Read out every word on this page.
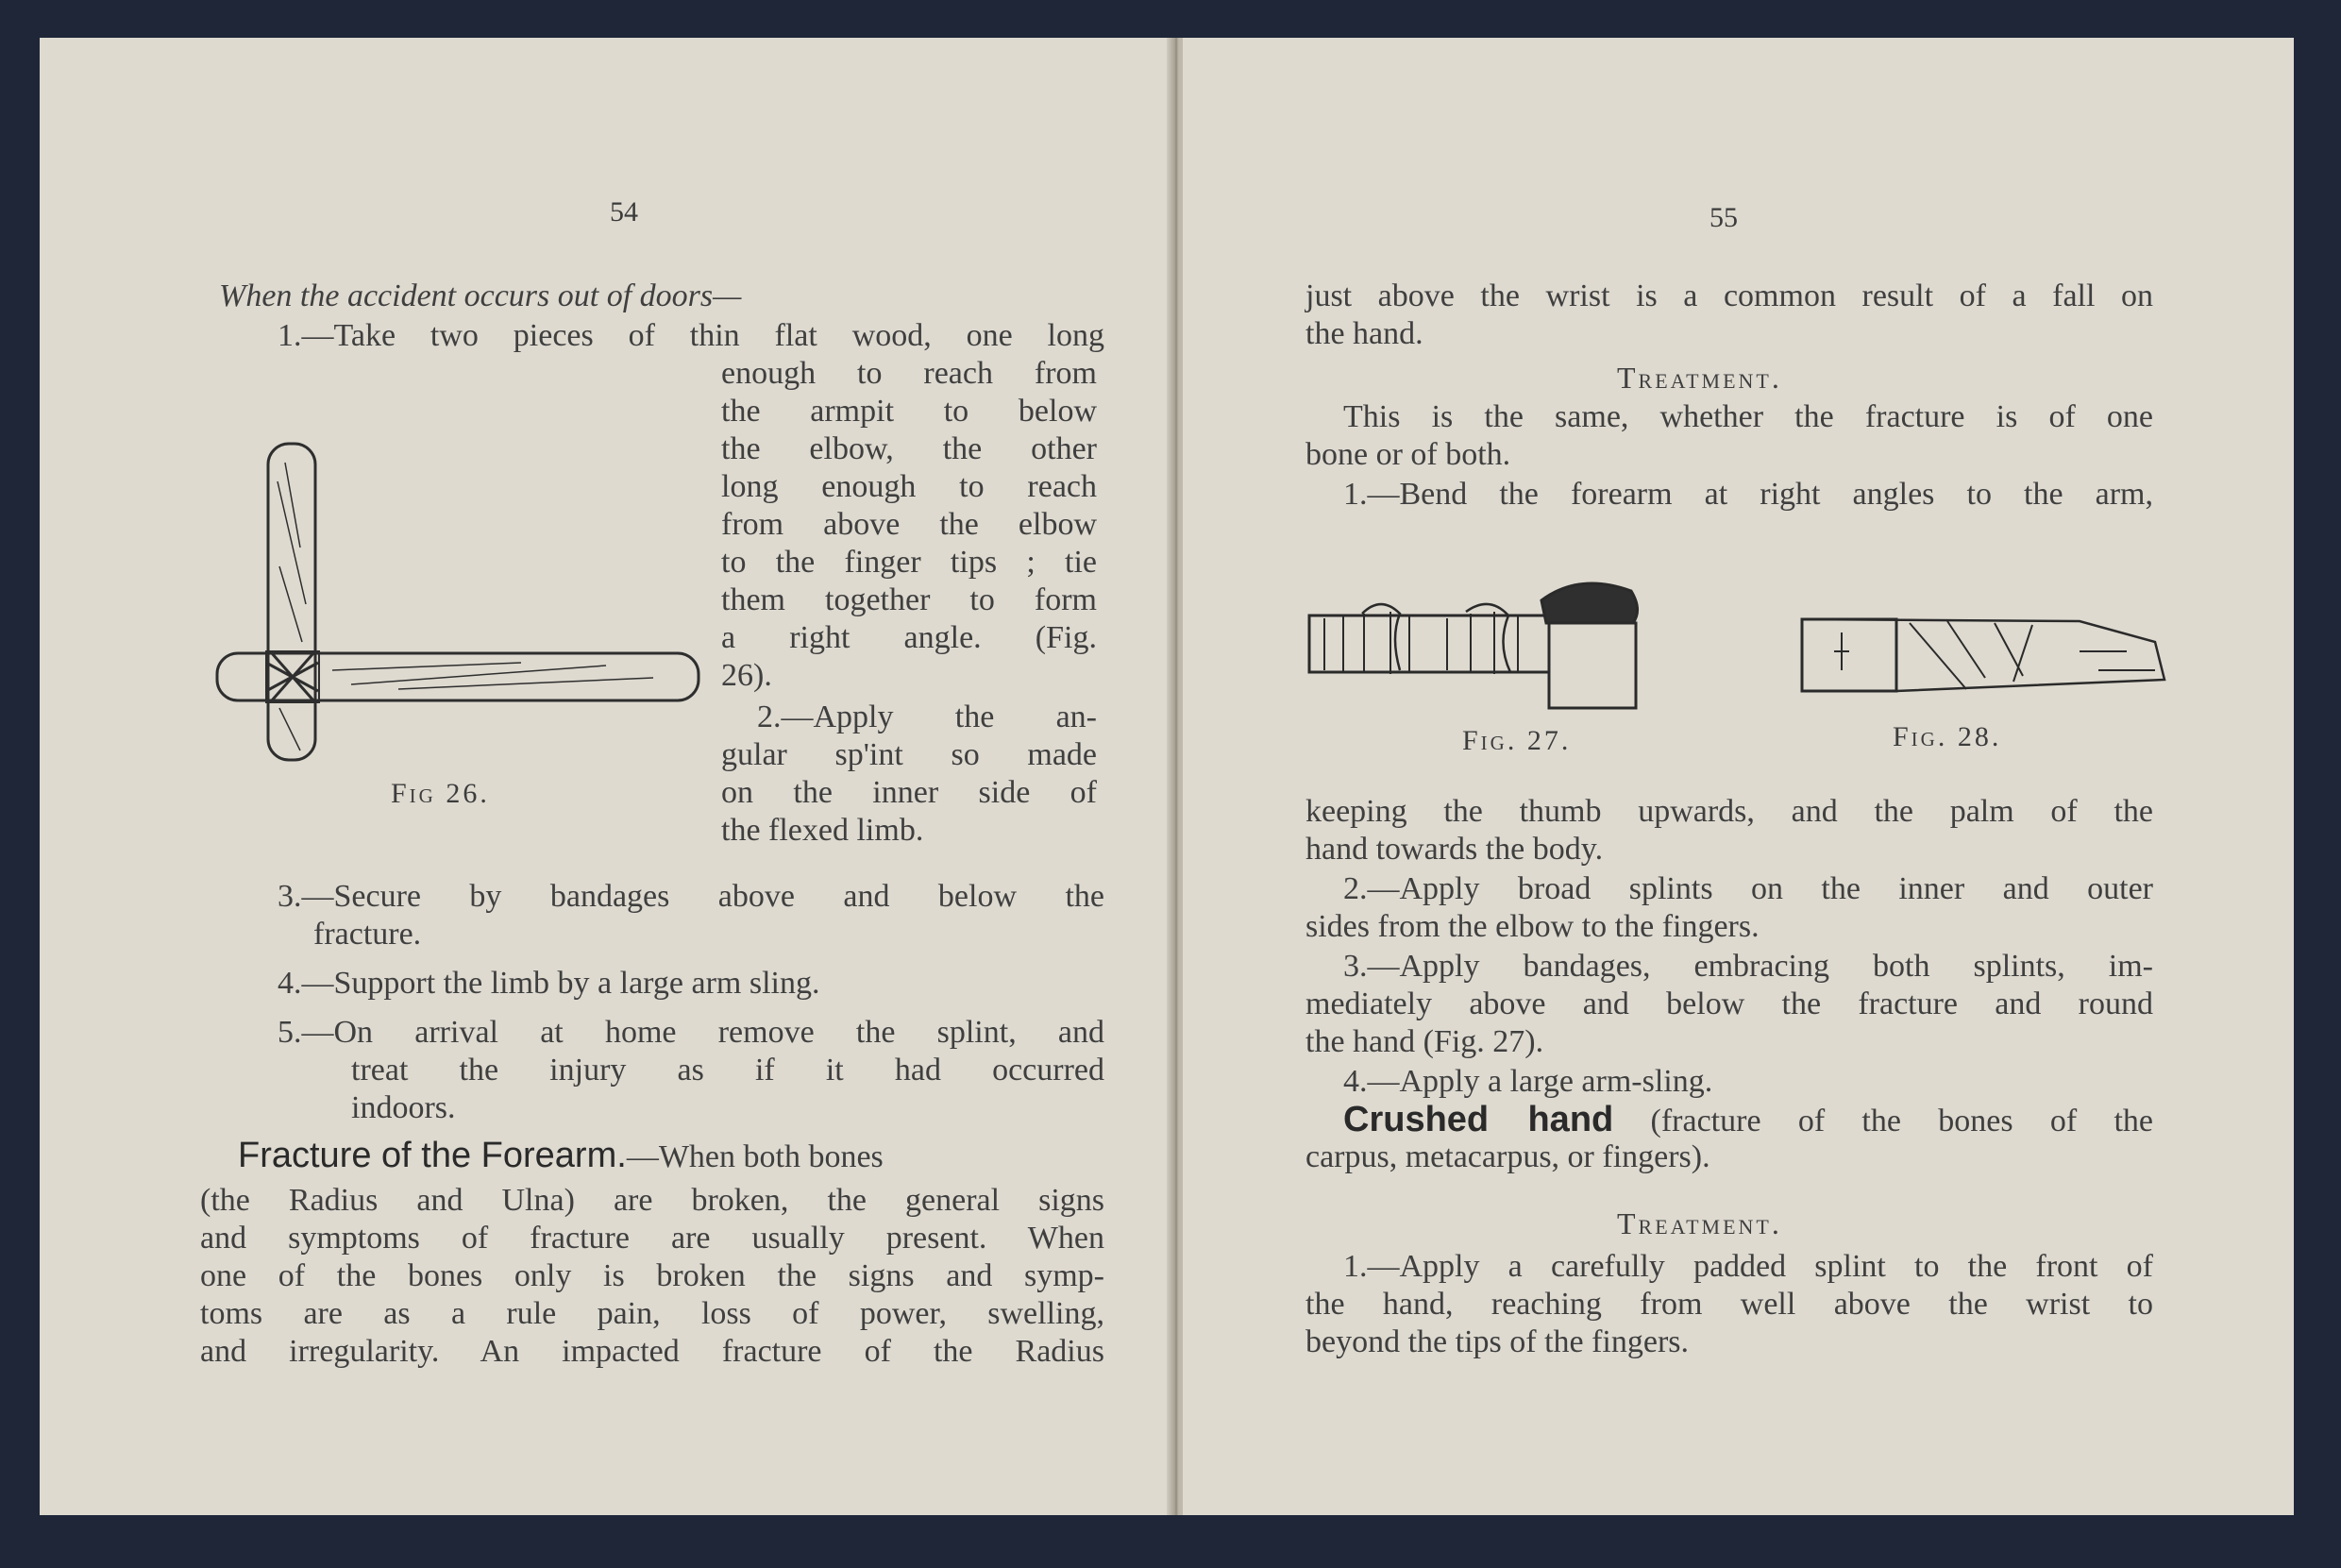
54
When the accident occurs out of doors—
1.—Take two pieces of thin flat wood, one long
enough to reach from
the armpit to below
the elbow, the other
long enough to reach
from above the elbow
to the finger tips ; tie
them together to form
a right angle. (Fig.
26).
2.—Apply the an-
gular sp'int so made
on the inner side of
the flexed limb.
Fig 26.
3.—Secure by bandages above and below the
fracture.
4.—Support the limb by a large arm sling.
5.—On arrival at home remove the splint, and
treat the injury as if it had occurred
indoors.
Fracture of the Forearm.—When both bones
(the Radius and Ulna) are broken, the general signs
and symptoms of fracture are usually present. When
one of the bones only is broken the signs and symp-
toms are as a rule pain, loss of power, swelling,
and irregularity. An impacted fracture of the Radius
55
just above the wrist is a common result of a fall on
the hand.
Treatment.
This is the same, whether the fracture is of one
bone or of both.
1.—Bend the forearm at right angles to the arm,
Fig. 27.	Fig. 28.
keeping the thumb upwards, and the palm of the
hand towards the body.
2.—Apply broad splints on the inner and outer
sides from the elbow to the fingers.
3.—Apply bandages, embracing both splints, im-
mediately above and below the fracture and round
the hand (Fig. 27).
4.—Apply a large arm-sling.
Crushed hand (fracture of the bones of the
carpus, metacarpus, or fingers).
Treatment.
1.—Apply a carefully padded splint to the front of
the hand, reaching from well above the wrist to
beyond the tips of the fingers.
